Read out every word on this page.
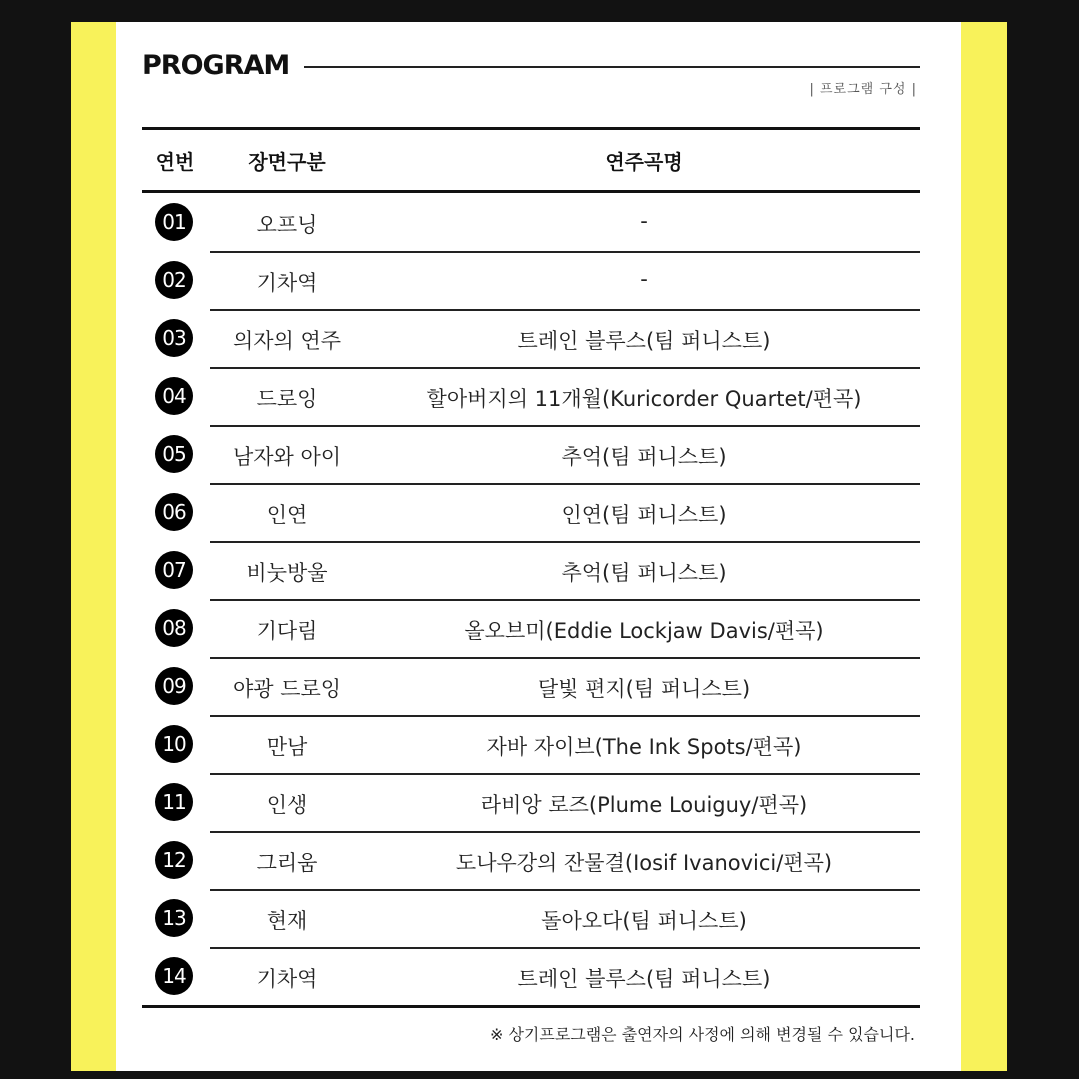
PROGRAM
| 프로그램 구성 |
연번	장면구분	연주곡명
01	오프닝	-
02	기차역	-
03	의자의 연주	트레인 블루스(팀 퍼니스트)
04	드로잉	할아버지의 11개월(Kuricorder Quartet/편곡)
05	남자와 아이	추억(팀 퍼니스트)
06	인연	인연(팀 퍼니스트)
07	비눗방울	추억(팀 퍼니스트)
08	기다림	올오브미(Eddie Lockjaw Davis/편곡)
09	야광 드로잉	달빛 편지(팀 퍼니스트)
10	만남	자바 자이브(The Ink Spots/편곡)
11	인생	라비앙 로즈(Plume Louiguy/편곡)
12	그리움	도나우강의 잔물결(Iosif Ivanovici/편곡)
13	현재	돌아오다(팀 퍼니스트)
14	기차역	트레인 블루스(팀 퍼니스트)
※ 상기프로그램은 출연자의 사정에 의해 변경될 수 있습니다.
